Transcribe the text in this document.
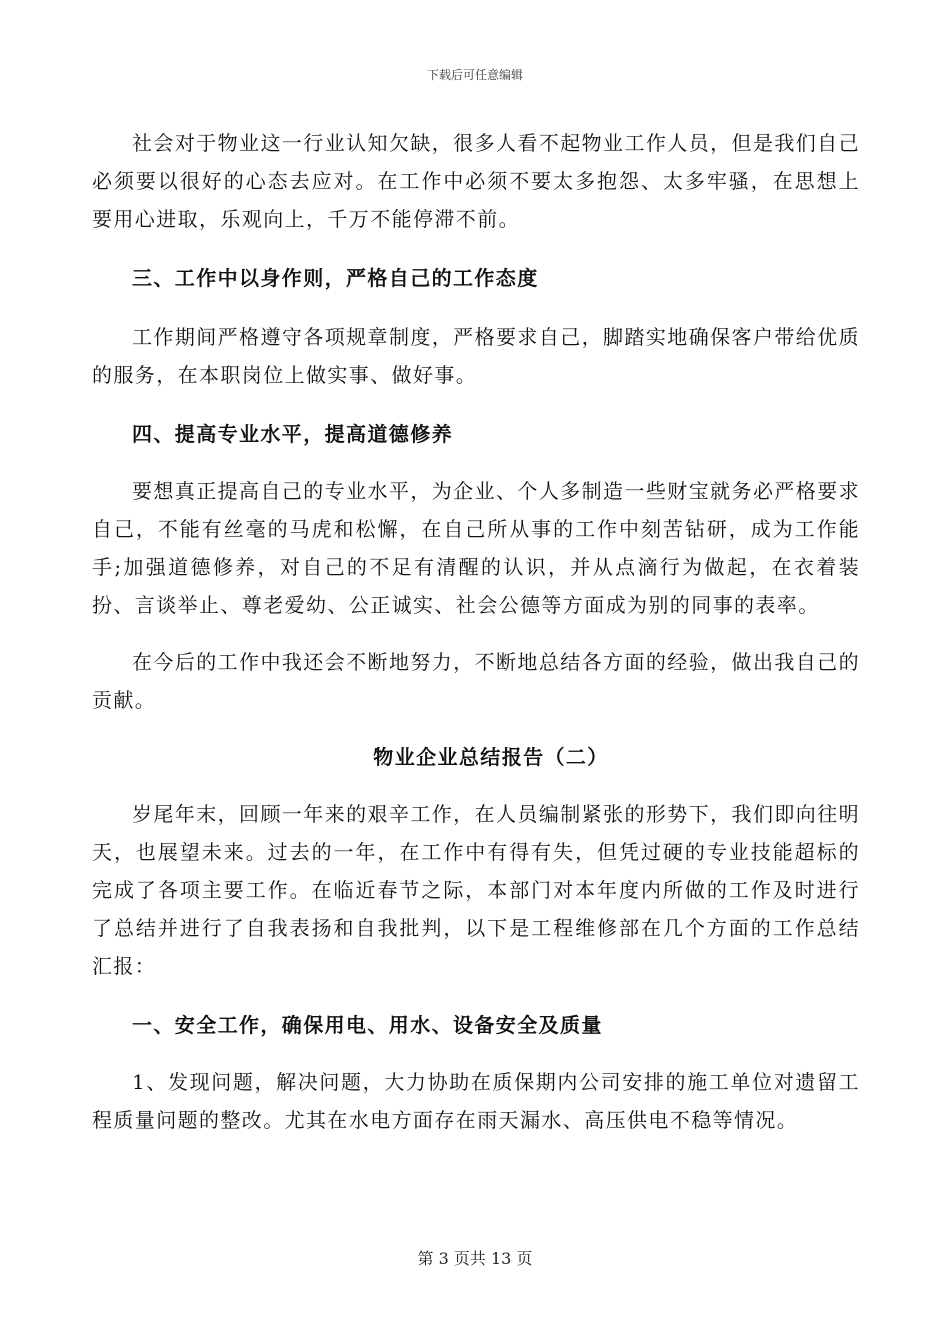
下载后可任意编辑

社会对于物业这一行业认知欠缺，很多人看不起物业工作人员，但是我们自己必须要以很好的心态去应对。在工作中必须不要太多抱怨、太多牢骚，在思想上要用心进取，乐观向上，千万不能停滞不前。

三、工作中以身作则，严格自己的工作态度

工作期间严格遵守各项规章制度，严格要求自己，脚踏实地确保客户带给优质的服务，在本职岗位上做实事、做好事。

四、提高专业水平，提高道德修养

要想真正提高自己的专业水平，为企业、个人多制造一些财宝就务必严格要求自己，不能有丝毫的马虎和松懈，在自己所从事的工作中刻苦钻研，成为工作能手;加强道德修养，对自己的不足有清醒的认识，并从点滴行为做起，在衣着装扮、言谈举止、尊老爱幼、公正诚实、社会公德等方面成为别的同事的表率。

在今后的工作中我还会不断地努力，不断地总结各方面的经验，做出我自己的贡献。

物业企业总结报告（二）

岁尾年末，回顾一年来的艰辛工作，在人员编制紧张的形势下，我们即向往明天，也展望未来。过去的一年，在工作中有得有失，但凭过硬的专业技能超标的完成了各项主要工作。在临近春节之际，本部门对本年度内所做的工作及时进行了总结并进行了自我表扬和自我批判，以下是工程维修部在几个方面的工作总结汇报：

一、安全工作，确保用电、用水、设备安全及质量

1、发现问题，解决问题，大力协助在质保期内公司安排的施工单位对遗留工程质量问题的整改。尤其在水电方面存在雨天漏水、高压供电不稳等情况。

第 3 页共 13 页
